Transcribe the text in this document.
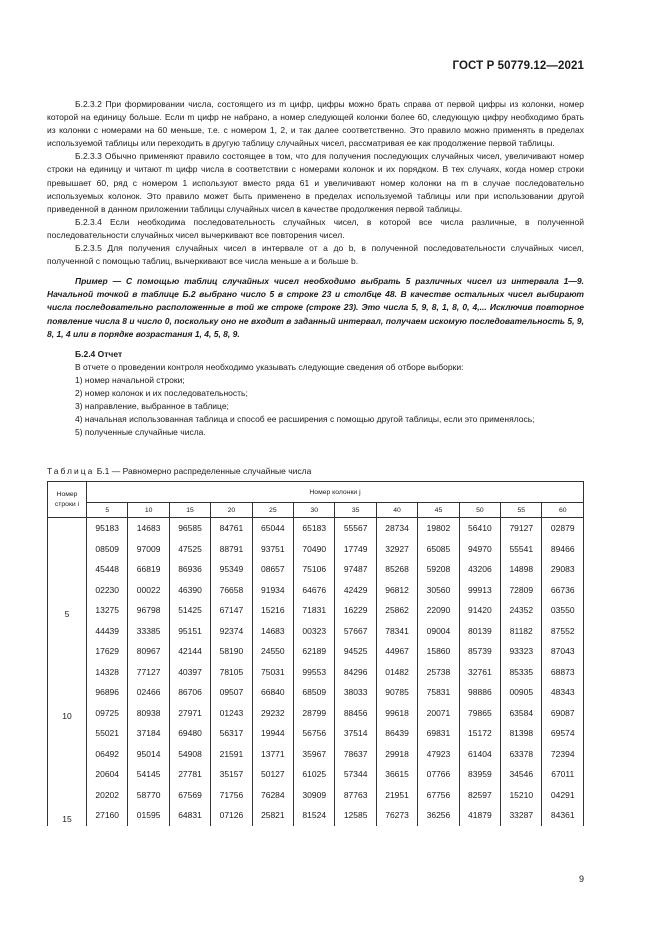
ГОСТ Р 50779.12—2021

Б.2.3.2 При формировании числа, состоящего из m цифр, цифры можно брать справа от первой цифры из колонки, номер которой на единицу больше. Если m цифр не набрано, а номер следующей колонки более 60, следующую цифру необходимо брать из колонки с номерами на 60 меньше, т.е. с номером 1, 2, и так далее соответственно. Это правило можно применять в пределах используемой таблицы или переходить в другую таблицу случайных чисел, рассматривая ее как продолжение первой таблицы.

Б.2.3.3 Обычно применяют правило состоящее в том, что для получения последующих случайных чисел, увеличивают номер строки на единицу и читают m цифр числа в соответствии с номерами колонок и их порядком. В тех случаях, когда номер строки превышает 60, ряд с номером 1 используют вместо ряда 61 и увеличивают номер колонки на m в случае последовательно используемых колонок. Это правило может быть применено в пределах используемой таблицы или при использовании другой приведенной в данном приложении таблицы случайных чисел в качестве продолжения первой таблицы.

Б.2.3.4 Если необходима последовательность случайных чисел, в которой все числа различные, в полученной последовательности случайных чисел вычеркивают все повторения чисел.

Б.2.3.5 Для получения случайных чисел в интервале от a до b, в полученной последовательности случайных чисел, полученной с помощью таблиц, вычеркивают все числа меньше a и больше b.

Пример — С помощью таблиц случайных чисел необходимо выбрать 5 различных чисел из интервала 1—9. Начальной точкой в таблице Б.2 выбрано число 5 в строке 23 и столбце 48. В качестве остальных чисел выбирают числа последовательно расположенные в той же строке (строке 23). Это числа 5, 9, 8, 1, 8, 0, 4,... Исключив повторное появление числа 8 и число 0, поскольку оно не входит в заданный интервал, получаем искомую последовательность 5, 9, 8, 1, 4 или в порядке возрастания 1, 4, 5, 8, 9.

Б.2.4 Отчет

В отчете о проведении контроля необходимо указывать следующие сведения об отборе выборки:

1) номер начальной строки;

2) номер колонок и их последовательность;

3) направление, выбранное в таблице;

4) начальная использованная таблица и способ ее расширения с помощью другой таблицы, если это применялось;

5) полученные случайные числа.

Таблица Б.1 — Равномерно распределенные случайные числа
Номер строки i	Номер колонки j											
	5	10	15	20	25	30	35	40	45	50	55	60
5	95183	14683	96585	84761	65044	65183	55567	28734	19802	56410	79127	02879
	08509	97009	47525	88791	93751	70490	17749	32927	65085	94970	55541	89466
	45448	66819	86936	95349	08657	75106	97487	85268	59208	43206	14898	29083
	02230	00022	46390	76658	91934	64676	42429	96812	30560	99913	72809	66736
	13275	96798	51425	67147	15216	71831	16229	25862	22090	91420	24352	03550
10	44439	33385	95151	92374	14683	00323	57667	78341	09004	80139	81182	87552
	17629	80967	42144	58190	24550	62189	94525	44967	15860	85739	93323	87043
	14328	77127	40397	78105	75031	99553	84296	01482	25738	32761	85335	68873
	96896	02466	86706	09507	66840	68509	38033	90785	75831	98886	00905	48343
	09725	80938	27971	01243	29232	28799	88456	99618	20071	79865	63584	69087
15	55021	37184	69480	56317	19944	56756	37514	86439	69831	15172	81398	69574
	06492	95014	54908	21591	13771	35967	78637	29918	47923	61404	63378	72394
	20604	54145	27781	35157	50127	61025	57344	36615	07766	83959	34546	67011
	20202	58770	67569	71756	76284	30909	87763	21951	67756	82597	15210	04291
	27160	01595	64831	07126	25821	81524	12585	76273	36256	41879	33287	84361
9
